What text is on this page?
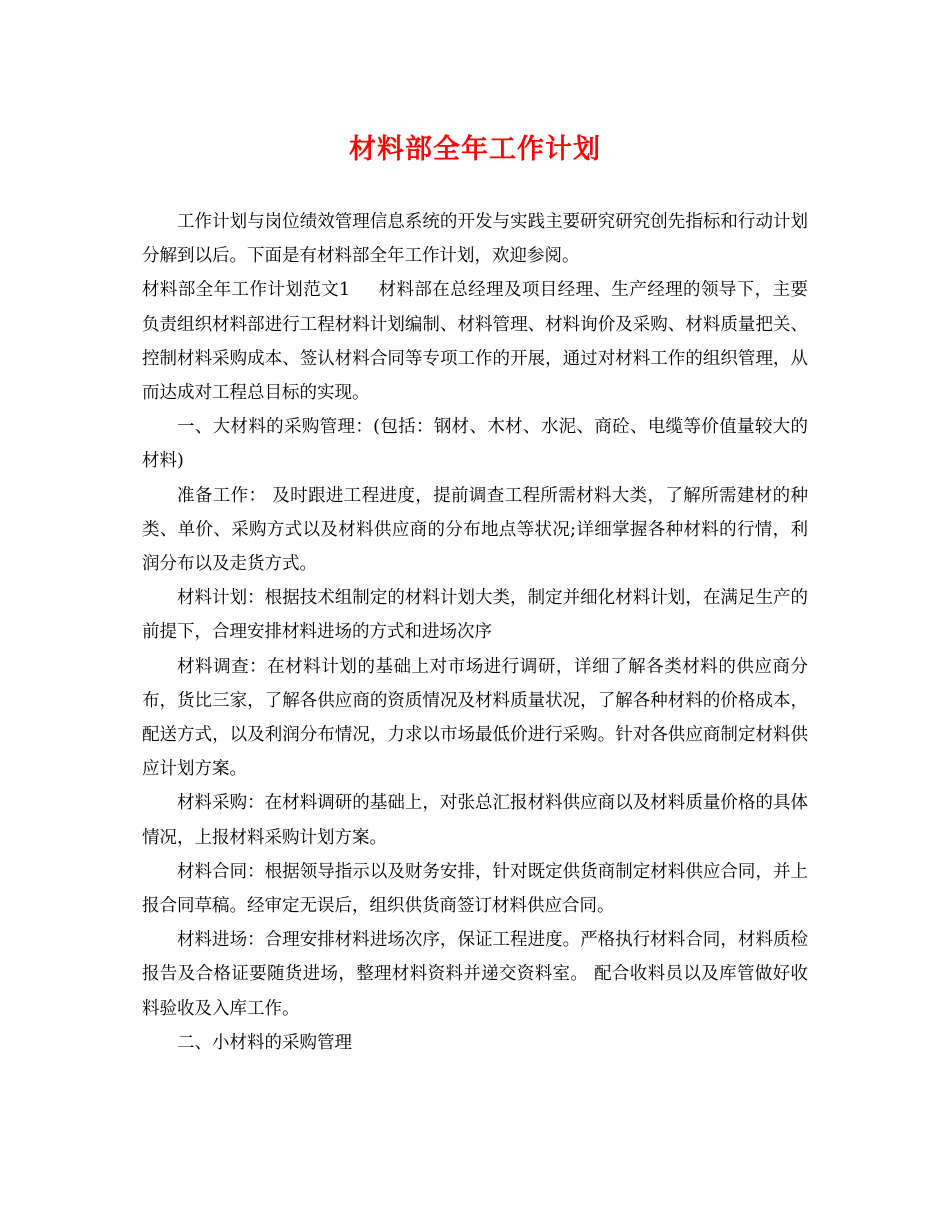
材料部全年工作计划

工作计划与岗位绩效管理信息系统的开发与实践主要研究研究创先指标和行动计划分解到以后。下面是有材料部全年工作计划，欢迎参阅。

材料部全年工作计划范文1 材料部在总经理及项目经理、生产经理的领导下，主要负责组织材料部进行工程材料计划编制、材料管理、材料询价及采购、材料质量把关、控制材料采购成本、签认材料合同等专项工作的开展，通过对材料工作的组织管理，从而达成对工程总目标的实现。

一、大材料的采购管理：(包括：钢材、木材、水泥、商砼、电缆等价值量较大的材料)

准备工作： 及时跟进工程进度，提前调查工程所需材料大类，了解所需建材的种类、单价、采购方式以及材料供应商的分布地点等状况;详细掌握各种材料的行情，利润分布以及走货方式。

材料计划：根据技术组制定的材料计划大类，制定并细化材料计划，在满足生产的前提下，合理安排材料进场的方式和进场次序

材料调查：在材料计划的基础上对市场进行调研，详细了解各类材料的供应商分布，货比三家，了解各供应商的资质情况及材料质量状况，了解各种材料的价格成本，配送方式，以及利润分布情况，力求以市场最低价进行采购。针对各供应商制定材料供应计划方案。

材料采购：在材料调研的基础上，对张总汇报材料供应商以及材料质量价格的具体情况，上报材料采购计划方案。

材料合同：根据领导指示以及财务安排，针对既定供货商制定材料供应合同，并上报合同草稿。经审定无误后，组织供货商签订材料供应合同。

材料进场：合理安排材料进场次序，保证工程进度。严格执行材料合同，材料质检报告及合格证要随货进场，整理材料资料并递交资料室。 配合收料员以及库管做好收料验收及入库工作。

二、小材料的采购管理
